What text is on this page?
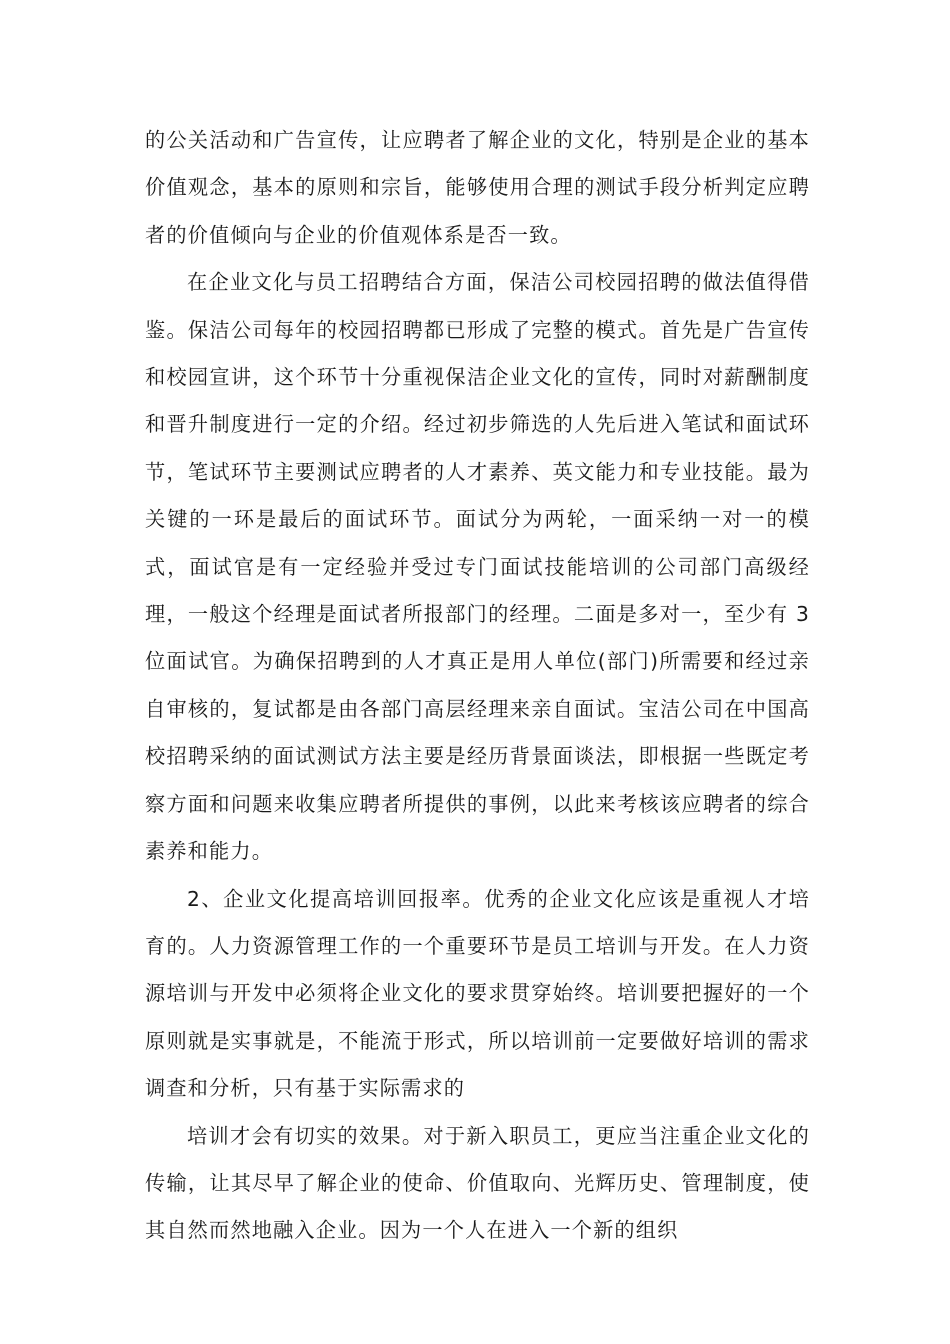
的公关活动和广告宣传，让应聘者了解企业的文化，特别是企业的基本价值观念，基本的原则和宗旨，能够使用合理的测试手段分析判定应聘者的价值倾向与企业的价值观体系是否一致。

在企业文化与员工招聘结合方面，保洁公司校园招聘的做法值得借鉴。保洁公司每年的校园招聘都已形成了完整的模式。首先是广告宣传和校园宣讲，这个环节十分重视保洁企业文化的宣传，同时对薪酬制度和晋升制度进行一定的介绍。经过初步筛选的人先后进入笔试和面试环节，笔试环节主要测试应聘者的人才素养、英文能力和专业技能。最为关键的一环是最后的面试环节。面试分为两轮，一面采纳一对一的模式，面试官是有一定经验并受过专门面试技能培训的公司部门高级经理，一般这个经理是面试者所报部门的经理。二面是多对一，至少有 3 位面试官。为确保招聘到的人才真正是用人单位(部门)所需要和经过亲自审核的，复试都是由各部门高层经理来亲自面试。宝洁公司在中国高校招聘采纳的面试测试方法主要是经历背景面谈法，即根据一些既定考察方面和问题来收集应聘者所提供的事例，以此来考核该应聘者的综合素养和能力。

2、企业文化提高培训回报率。优秀的企业文化应该是重视人才培育的。人力资源管理工作的一个重要环节是员工培训与开发。在人力资源培训与开发中必须将企业文化的要求贯穿始终。培训要把握好的一个原则就是实事就是，不能流于形式，所以培训前一定要做好培训的需求调查和分析，只有基于实际需求的

培训才会有切实的效果。对于新入职员工，更应当注重企业文化的传输，让其尽早了解企业的使命、价值取向、光辉历史、管理制度，使其自然而然地融入企业。因为一个人在进入一个新的组织
